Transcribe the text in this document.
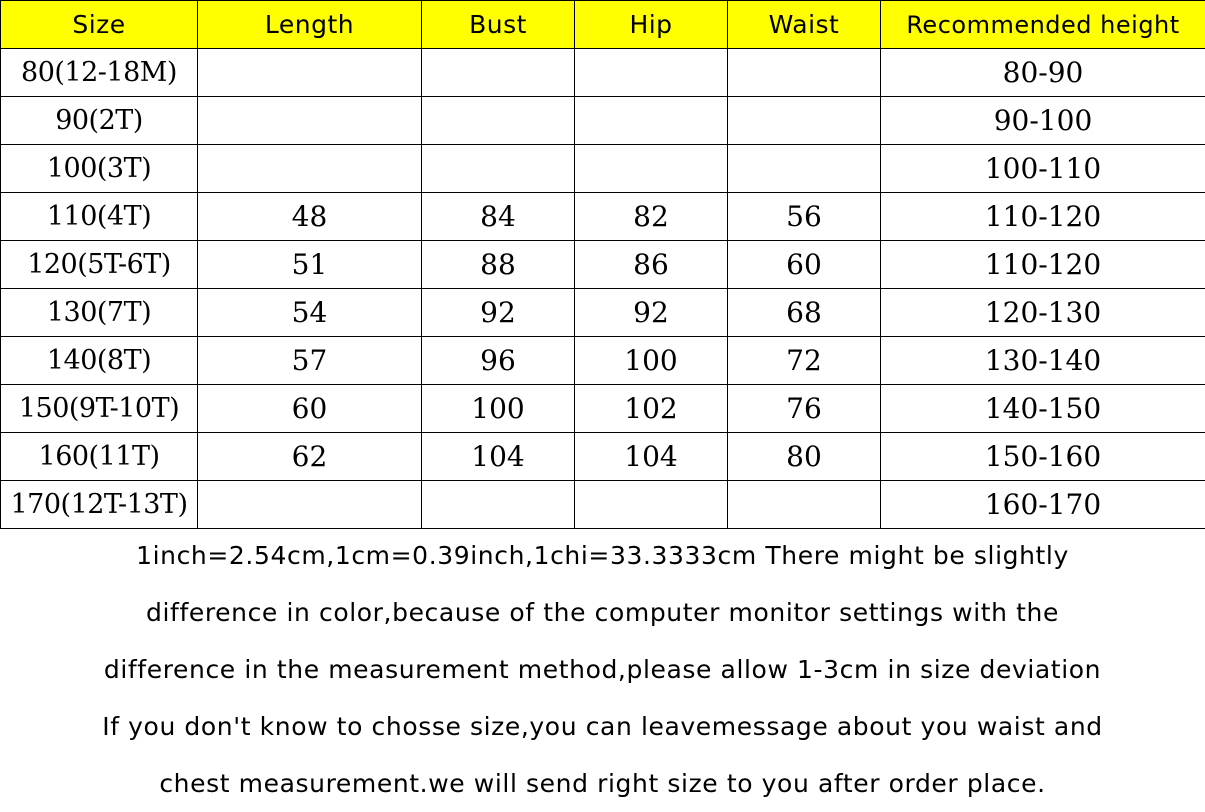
Size	Length	Bust	Hip	Waist	Recommended height
80(12-18M)					80-90
90(2T)					90-100
100(3T)					100-110
110(4T)	48	84	82	56	110-120
120(5T-6T)	51	88	86	60	110-120
130(7T)	54	92	92	68	120-130
140(8T)	57	96	100	72	130-140
150(9T-10T)	60	100	102	76	140-150
160(11T)	62	104	104	80	150-160
170(12T-13T)					160-170
1inch=2.54cm,1cm=0.39inch,1chi=33.3333cm There might be slightly
difference in color,because of the computer monitor settings with the
difference in the measurement method,please allow 1-3cm in size deviation
If you don't know to chosse size,you can leavemessage about you waist and
chest measurement.we will send right size to you after order place.
